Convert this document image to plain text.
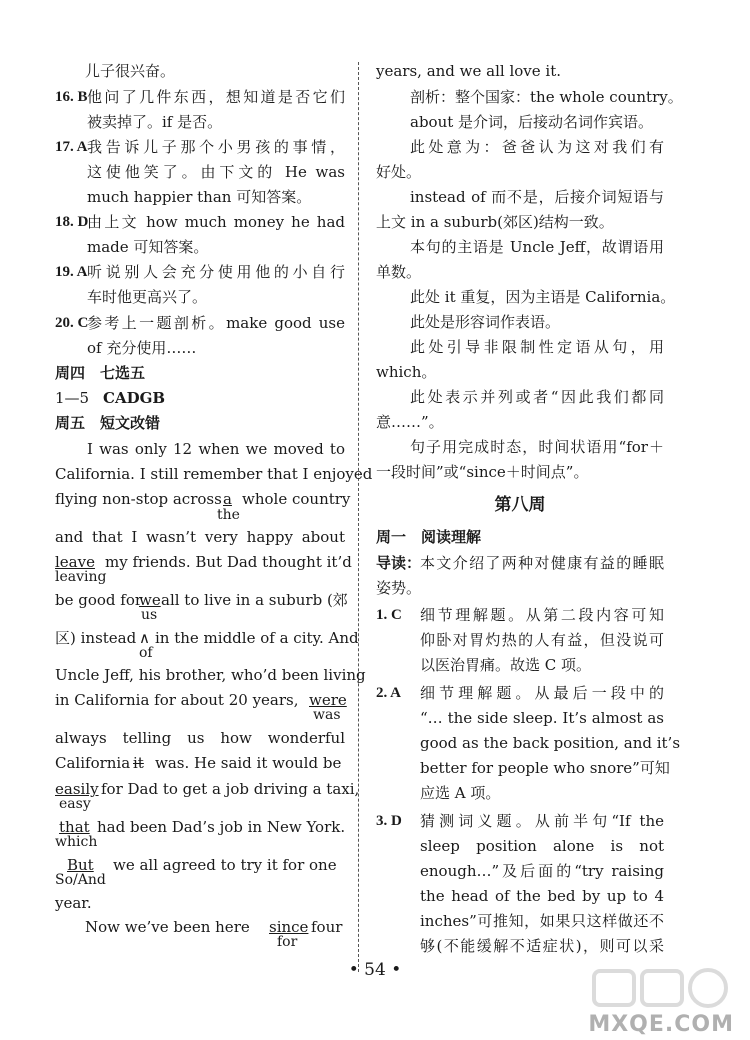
儿子很兴奋。
16. B 他问了几件东西，想知道是否它们
被卖掉了。if 是否。
17. A 我告诉儿子那个小男孩的事情，
这使他笑了。由下文的 He was
much happier than 可知答案。
18. D
由上文 how much money he had
made 可知答案。
19. A 听说别人会充分使用他的小自行
车时他更高兴了。
20. C
参考上一题剖析。make good use
of 充分使用……
周四　七选五
1—5 CADGB
周五　短文改错
I was only 12 when we moved to
California. I still remember that I enjoyed
flying non-stop across a whole country
the
and that I wasn’t very happy about
leave my friends. But Dad thought it’d
leaving
be good for
we all to live in a suburb (郊
us
区) instead ∧ in the middle of a city. And
of
Uncle Jeff, his brother, who’d been living
in California for about 20 years, were
was
always telling us how wonderful
California it was. He said it would be
easily for Dad to get a job driving a taxi,
easy
that had been Dad’s job in New York.
which
But we all agreed to try it for one
So/And
year.
Now we’ve been here since four
for
years, and we all love it.
剖析：整个国家：the whole country。
about 是介词，后接动名词作宾语。
此处意为：爸爸认为这对我们有
好处。
instead of 而不是，后接介词短语与
上文 in a suburb(郊区)结构一致。
本句的主语是 Uncle Jeff，故谓语用
单数。
此处 it 重复，因为主语是 California。
此处是形容词作表语。
此处引导非限制性定语从句，用
which。
此处表示并列或者“因此我们都同
意……”。
句子用完成时态，时间状语用“for＋
一段时间”或“since＋时间点”。
第八周
周一　阅读理解
导读：
本文介绍了两种对健康有益的睡眠
姿势。
1. C 细节理解题。从第二段内容可知
仰卧对胃灼热的人有益，但没说可
以医治胃痛。故选 C 项。
2. A 细节理解题。从最后一段中的
“… the side sleep. It’s almost as
good as the back position, and it’s
better for people who snore”可知
应选 A 项。
3. D 猜测词义题。从前半句“If the
sleep position alone is not
enough…”及后面的“try raising
the head of the bed by up to 4
inches”可推知，如果只这样做还不
够(不能缓解不适症状)，则可以采
• 54 •
MXQE.COM
